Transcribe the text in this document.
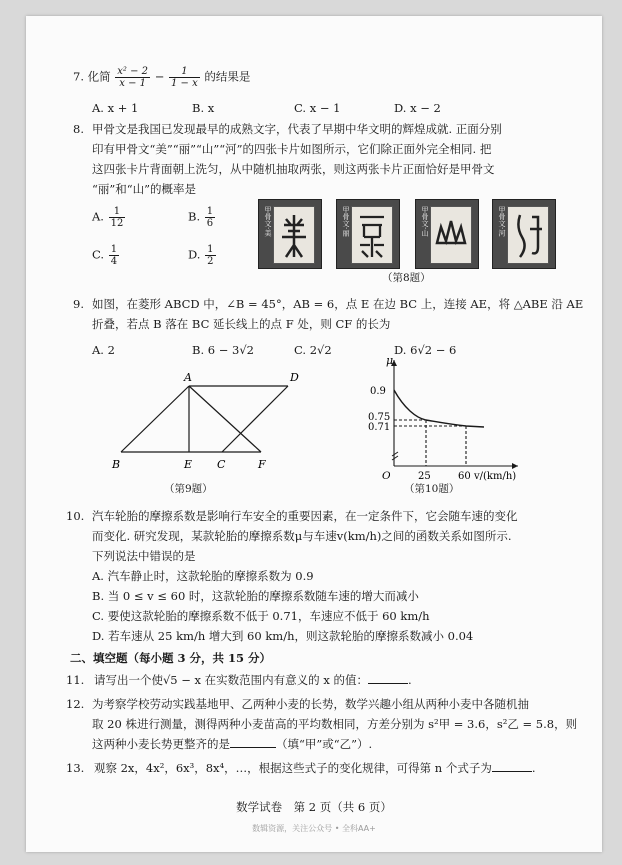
7. 化简 $\frac{\text{x² − 2}}{x - 1} - \frac{1}{1 - x}$ 的结果是
A. x + 1	B. x	C. x − 1	D. x − 2
8. 甲骨文是我国已发现最早的成熟文字，代表了早期中华文明的辉煌成就. 正面分别
印有甲骨文“美”“丽”“山”“河”的四张卡片如图所示，它们除正面外完全相同. 把
这四张卡片背面朝上洗匀，从中随机抽取两张，则这两张卡片正面恰好是甲骨文
“丽”和“山”的概率是
A. $\frac{1}{12}$	B. $\frac{1}{6}$
C. $\frac{1}{4}$	D. $\frac{1}{2}$
甲骨文·美	甲骨文·丽	甲骨文·山	甲骨文·河
（第8题）
9. 如图，在菱形 ABCD 中，∠B = 45°，AB = 6，点 E 在边 BC 上，连接 AE，将 △ABE 沿 AE
折叠，若点 B 落在 BC 延长线上的点 F 处，则 CF 的长为
A. 2	B. 6 − 3√2	C. 2√2	D. 6√2 − 6
A	D
B	E C	F
（第9题）
μ
0.9
0.75
0.71
O	25	60 v/(km/h)
（第10题）
10. 汽车轮胎的摩擦系数是影响行车安全的重要因素，在一定条件下，它会随车速的变化
而变化. 研究发现，某款轮胎的摩擦系数μ与车速v(km/h)之间的函数关系如图所示.
下列说法中错误的是
A. 汽车静止时，这款轮胎的摩擦系数为 0.9
B. 当 0 ≤ v ≤ 60 时，这款轮胎的摩擦系数随车速的增大而减小
C. 要使这款轮胎的摩擦系数不低于 0.71，车速应不低于 60 km/h
D. 若车速从 25 km/h 增大到 60 km/h，则这款轮胎的摩擦系数减小 0.04
二、填空题（每小题 3 分，共 15 分）
11. 请写出一个使√5 − x 在实数范围内有意义的 x 的值：	.
12. 为考察学校劳动实践基地甲、乙两种小麦的长势，数学兴趣小组从两种小麦中各随机抽
取 20 株进行测量，测得两种小麦苗高的平均数相同，方差分别为 s²甲 = 3.6，s²乙 = 5.8，则
这两种小麦长势更整齐的是	（填“甲”或“乙”）.
13. 观察 2x，4x²，6x³，8x⁴，…，根据这些式子的变化规律，可得第 n 个式子为	.
数学试卷　第 2 页（共 6 页）
数辑资源，关注公众号 • 全科AA+
